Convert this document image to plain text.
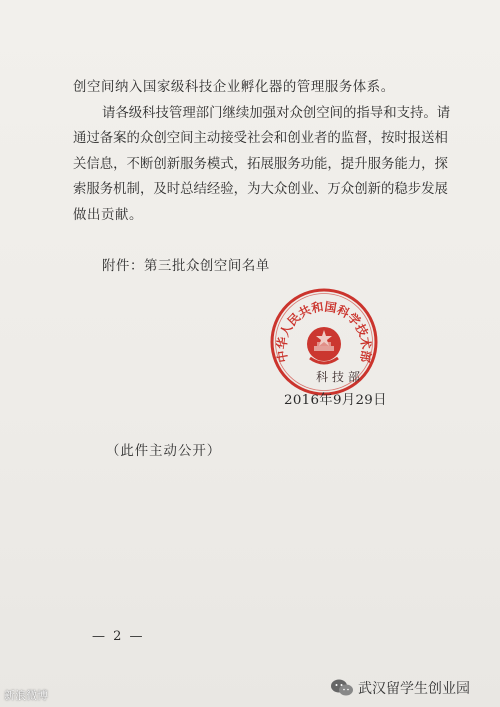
创空间纳入国家级科技企业孵化器的管理服务体系。
请各级科技管理部门继续加强对众创空间的指导和支持。请
通过备案的众创空间主动接受社会和创业者的监督，按时报送相
关信息，不断创新服务模式，拓展服务功能，提升服务能力，探
索服务机制，及时总结经验，为大众创业、万众创新的稳步发展
做出贡献。
附件：第三批众创空间名单
中华人民共和国科学技术部
科技部
2016年9月29日
（此件主动公开）
— 2 —
新浪微博	武汉留学生创业园
